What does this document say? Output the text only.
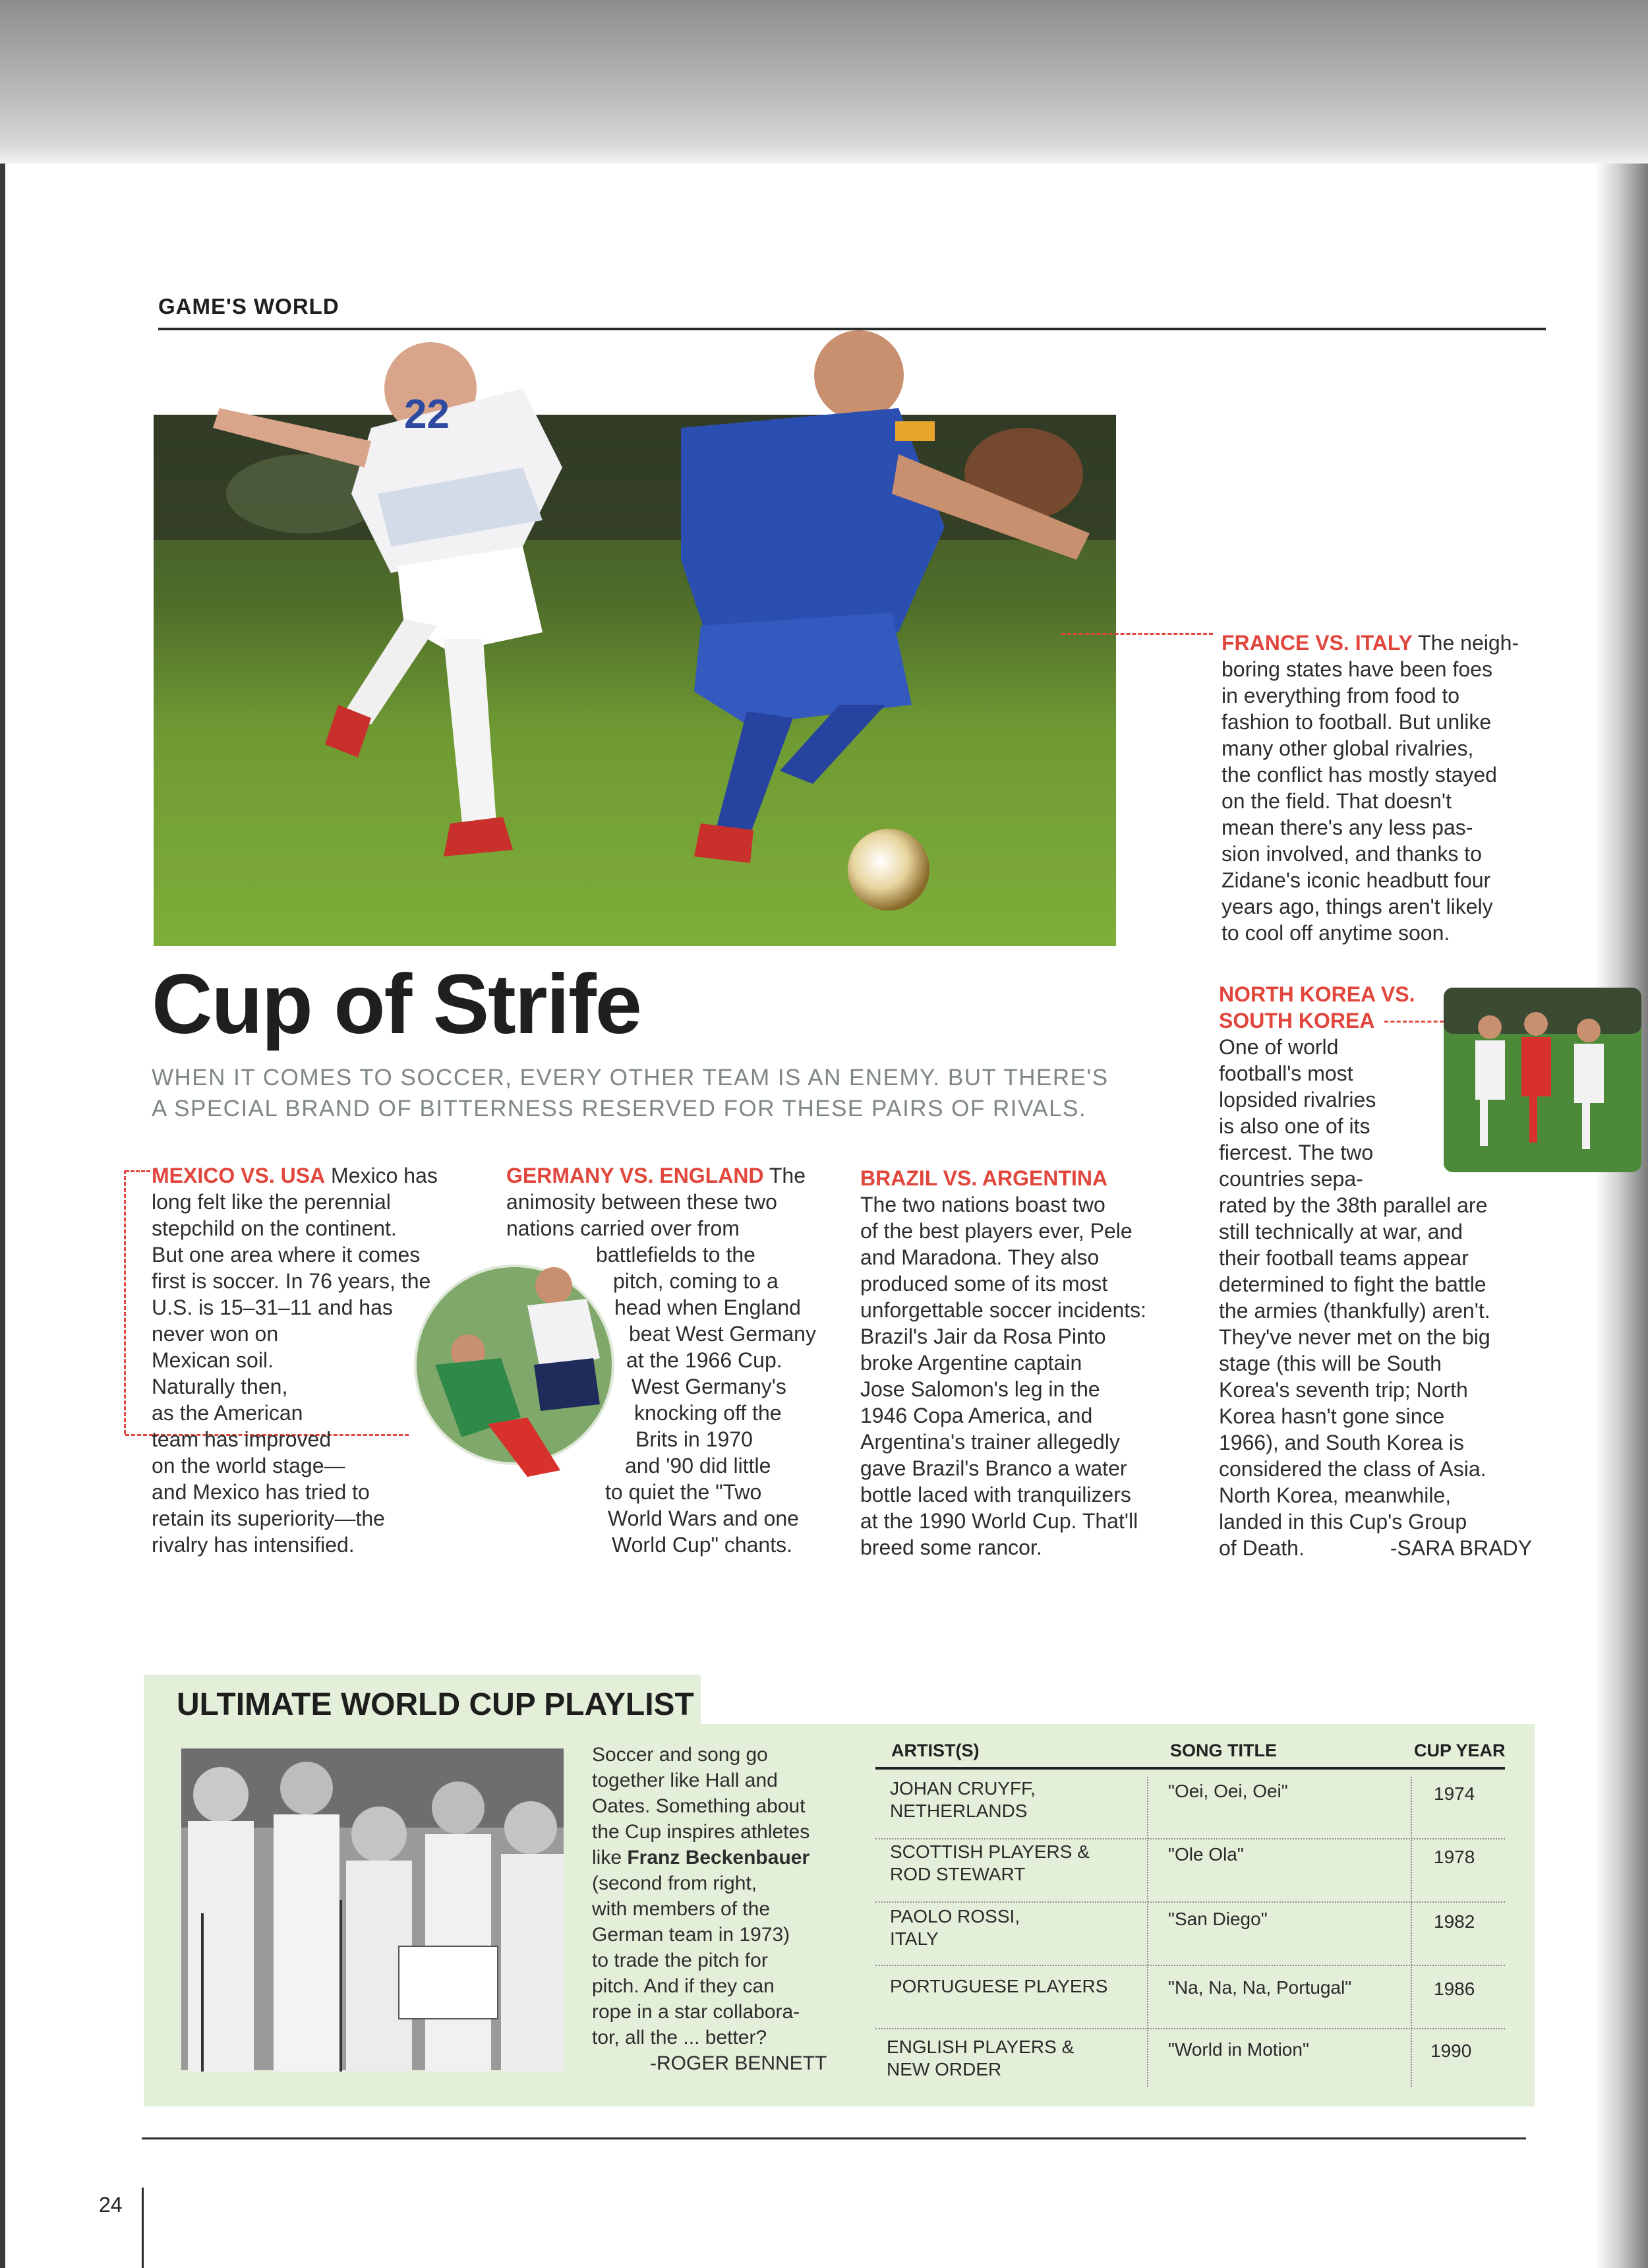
GAME'S WORLD
22
FRANCE VS. ITALY The neigh-
boring states have been foes
in everything from food to
fashion to football. But unlike
many other global rivalries,
the conflict has mostly stayed
on the field. That doesn't
mean there's any less pas-
sion involved, and thanks to
Zidane's iconic headbutt four
years ago, things aren't likely
to cool off anytime soon.
Cup of Strife
WHEN IT COMES TO SOCCER, EVERY OTHER TEAM IS AN ENEMY. BUT THERE'S
A SPECIAL BRAND OF BITTERNESS RESERVED FOR THESE PAIRS OF RIVALS.
NORTH KOREA VS.
SOUTH KOREA
One of world
football's most
lopsided rivalries
is also one of its
fiercest. The two
countries sepa-
rated by the 38th parallel are
still technically at war, and
their football teams appear
determined to fight the battle
the armies (thankfully) aren't.
They've never met on the big
stage (this will be South
Korea's seventh trip; North
Korea hasn't gone since
1966), and South Korea is
considered the class of Asia.
North Korea, meanwhile,
landed in this Cup's Group
of Death.	-SARA BRADY
MEXICO VS. USA Mexico has
long felt like the perennial
stepchild on the continent.
But one area where it comes
first is soccer. In 76 years, the
U.S. is 15–31–11 and has
never won on
Mexican soil.
Naturally then,
as the American
team has improved
on the world stage—
and Mexico has tried to
retain its superiority—the
rivalry has intensified.
GERMANY VS. ENGLAND The
animosity between these two
nations carried over from
battlefields to the
pitch, coming to a
head when England
beat West Germany
at the 1966 Cup.
West Germany's
knocking off the
Brits in 1970
and '90 did little
to quiet the "Two
World Wars and one
World Cup" chants.
BRAZIL VS. ARGENTINA
The two nations boast two
of the best players ever, Pele
and Maradona. They also
produced some of its most
unforgettable soccer incidents:
Brazil's Jair da Rosa Pinto
broke Argentine captain
Jose Salomon's leg in the
1946 Copa America, and
Argentina's trainer allegedly
gave Brazil's Branco a water
bottle laced with tranquilizers
at the 1990 World Cup. That'll
breed some rancor.
ULTIMATE WORLD CUP PLAYLIST
Soccer and song go
together like Hall and
Oates. Something about
the Cup inspires athletes
like Franz Beckenbauer
(second from right,
with members of the
German team in 1973)
to trade the pitch for
pitch. And if they can
rope in a star collabora-
tor, all the ... better?
-ROGER BENNETT
ARTIST(S)	SONG TITLE	CUP YEAR
JOHAN CRUYFF,
NETHERLANDS
"Oei, Oei, Oei"	1974
SCOTTISH PLAYERS &
ROD STEWART
"Ole Ola"	1978
PAOLO ROSSI,
ITALY
"San Diego"	1982
PORTUGUESE PLAYERS	"Na, Na, Na, Portugal"	1986
ENGLISH PLAYERS &
NEW ORDER
"World in Motion"	1990
24
